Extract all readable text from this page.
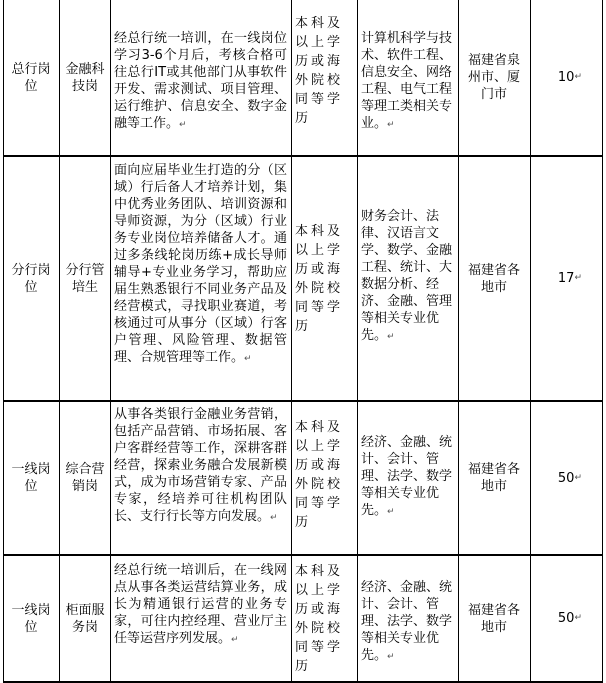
总行岗位
金融科技岗
经总行统一培训，在一线岗位学习3-6个月后，考核合格可往总行IT或其他部门从事软件开发、需求测试、项目管理、运行维护、信息安全、数字金融等工作。↵
本科及以上学历或海外院校同等学历
计算机科学与技术、软件工程、信息安全、网络工程、电气工程等理工类相关专业。↵
福建省泉州市、厦门市
10 ↵
分行岗位
分行管培生
面向应届毕业生打造的分（区域）行后备人才培养计划，集中优秀业务团队、培训资源和导师资源，为分（区域）行业务专业岗位培养储备人才。通过多条线轮岗历练+成长导师辅导+专业业务学习，帮助应届生熟悉银行不同业务产品及经营模式，寻找职业赛道，考核通过可从事分（区域）行客户管理、风险管理、数据管理、合规管理等工作。↵
本科及以上学历或海外院校同等学历
财务会计、法律、汉语言文学、数学、金融工程、统计、大数据分析、经济、金融、管理等相关专业优先。↵
福建省各地市
17 ↵
一线岗位
综合营销岗
从事各类银行金融业务营销，包括产品营销、市场拓展、客户客群经营等工作，深耕客群经营，探索业务融合发展新模式，成为市场营销专家、产品专家，经培养可往机构团队长、支行行长等方向发展。↵
本科及以上学历或海外院校同等学历
经济、金融、统计、会计、管理、法学、数学等相关专业优先。↵
福建省各地市
50 ↵
一线岗位
柜面服务岗
经总行统一培训后，在一线网点从事各类运营结算业务，成长为精通银行运营的业务专家，可往内控经理、营业厅主任等运营序列发展。↵
本科及以上学历或海外院校同等学历
经济、金融、统计、会计、管理、法学、数学等相关专业优先。↵
福建省各地市
50 ↵
